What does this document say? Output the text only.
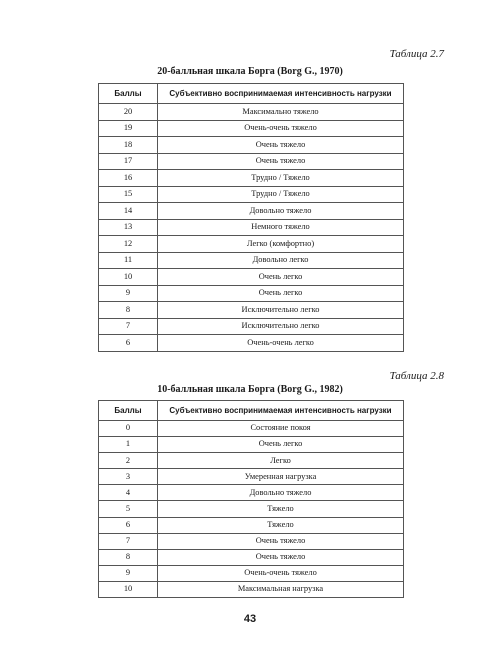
Таблица 2.7
20-балльная шкала Борга (Borg G., 1970)
Баллы	Субъективно воспринимаемая интенсивность нагрузки
20	Максимально тяжело
19	Очень-очень тяжело
18	Очень тяжело
17	Очень тяжело
16	Трудно / Тяжело
15	Трудно / Тяжело
14	Довольно тяжело
13	Немного тяжело
12	Легко (комфортно)
11	Довольно легко
10	Очень легко
9	Очень легко
8	Исключительно легко
7	Исключительно легко
6	Очень-очень легко
Таблица 2.8
10-балльная шкала Борга (Borg G., 1982)
Баллы	Субъективно воспринимаемая интенсивность нагрузки
0	Состояние покоя
1	Очень легко
2	Легко
3	Умеренная нагрузка
4	Довольно тяжело
5	Тяжело
6	Тяжело
7	Очень тяжело
8	Очень тяжело
9	Очень-очень тяжело
10	Максимальная нагрузка
43
